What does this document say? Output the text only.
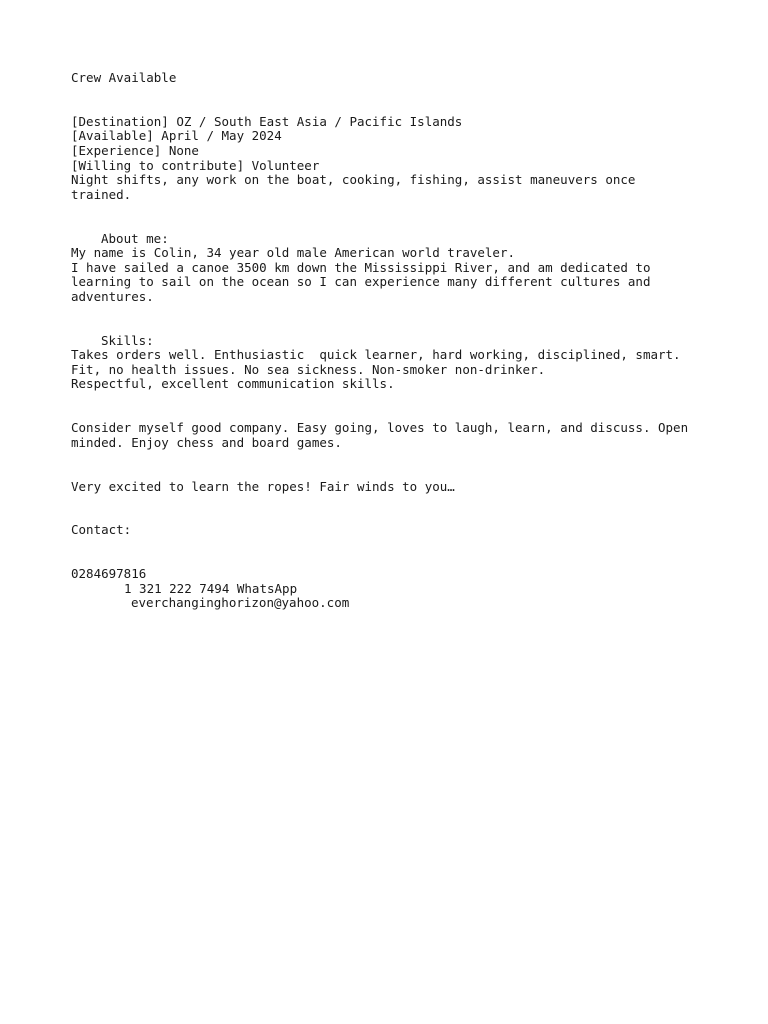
Crew Available
[Destination] OZ / South East Asia / Pacific Islands
[Available] April / May 2024
[Experience] None
[Willing to contribute] Volunteer
Night shifts, any work on the boat, cooking, fishing, assist maneuvers once
trained.
About me:
My name is Colin, 34 year old male American world traveler.
I have sailed a canoe 3500 km down the Mississippi River, and am dedicated to
learning to sail on the ocean so I can experience many different cultures and
adventures.
Skills:
Takes orders well. Enthusiastic  quick learner, hard working, disciplined, smart.
Fit, no health issues. No sea sickness. Non-smoker non-drinker.
Respectful, excellent communication skills.
Consider myself good company. Easy going, loves to laugh, learn, and discuss. Open
minded. Enjoy chess and board games.
Very excited to learn the ropes! Fair winds to you…
Contact:
0284697816
1 321 222 7494 WhatsApp
everchanginghorizon@yahoo.com
